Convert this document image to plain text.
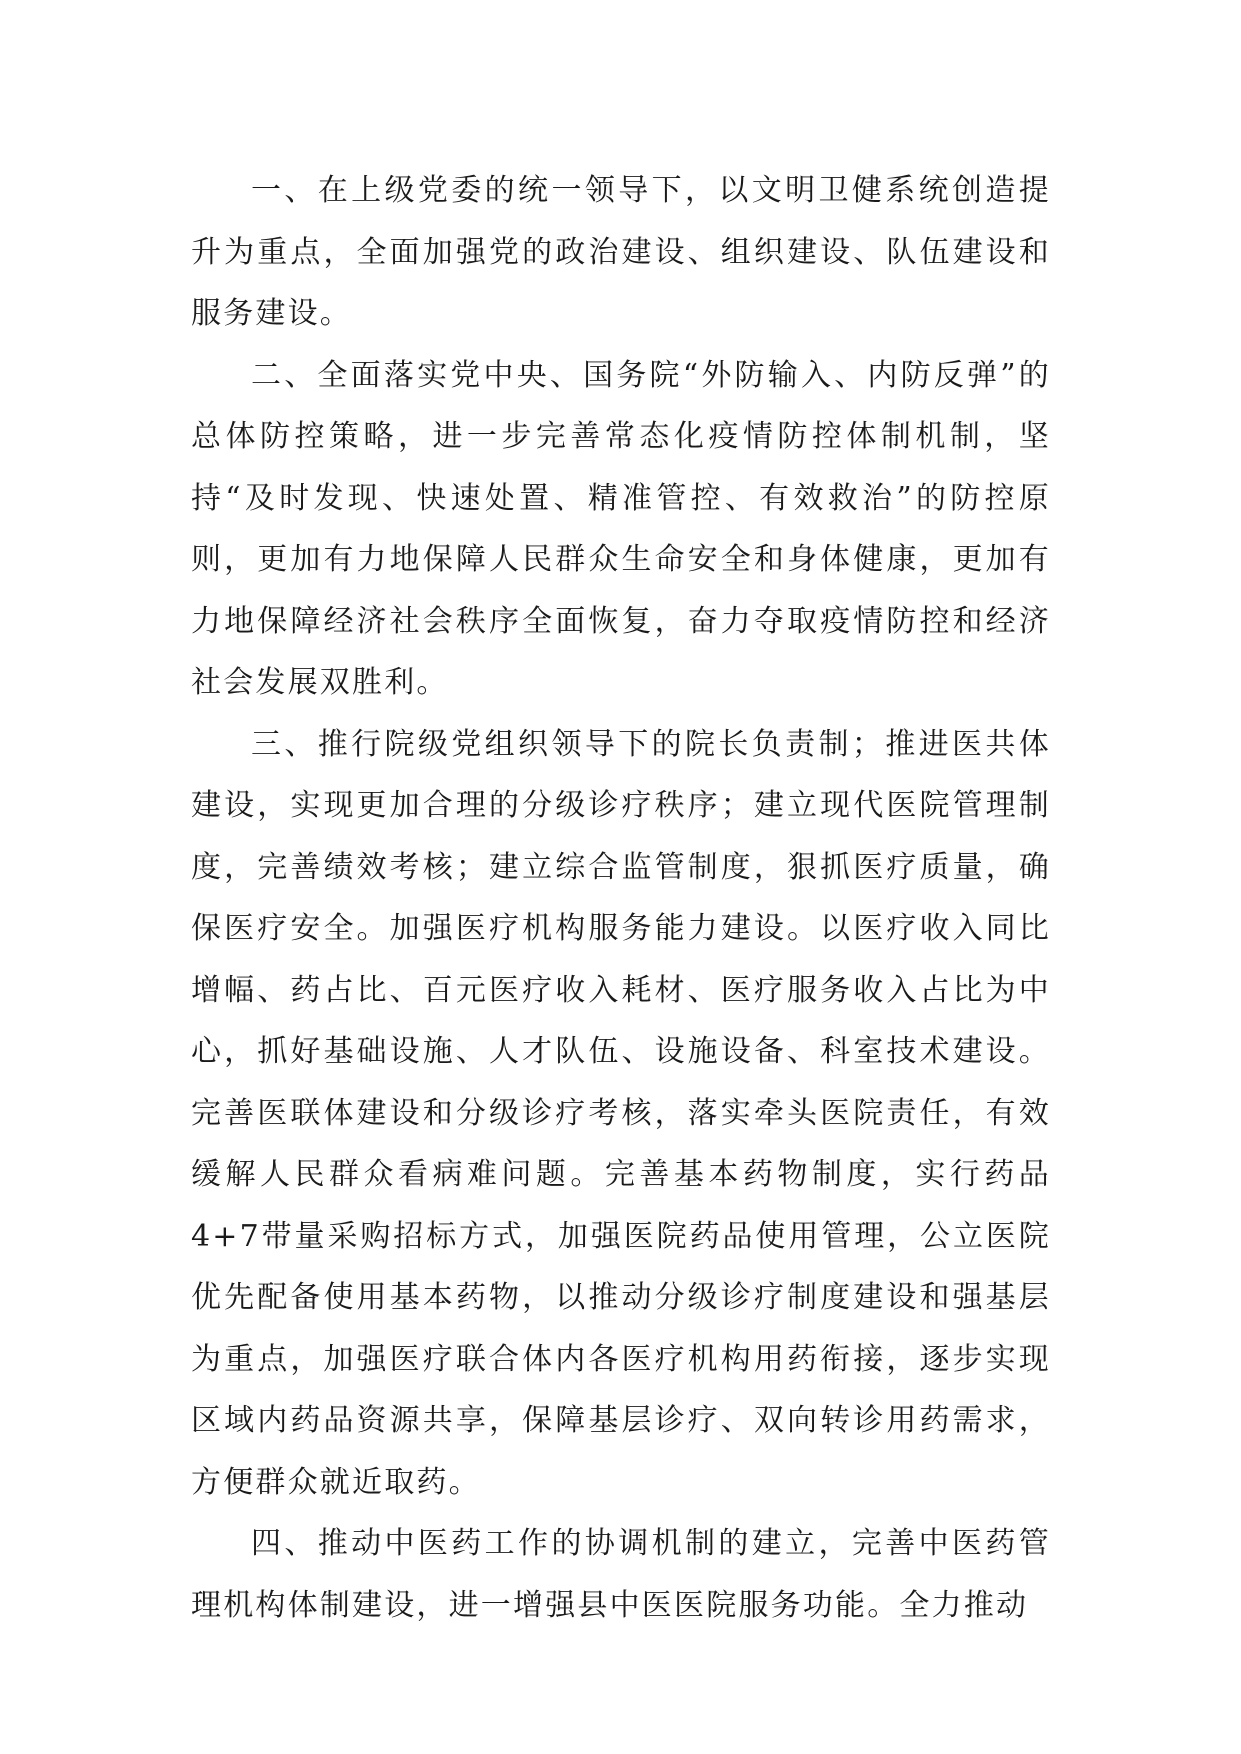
一、在上级党委的统一领导下，以文明卫健系统创造提升为重点，全面加强党的政治建设、组织建设、队伍建设和服务建设。

二、全面落实党中央、国务院“外防输入、内防反弹”的总体防控策略，进一步完善常态化疫情防控体制机制，坚持“及时发现、快速处置、精准管控、有效救治”的防控原则，更加有力地保障人民群众生命安全和身体健康，更加有力地保障经济社会秩序全面恢复，奋力夺取疫情防控和经济社会发展双胜利。

三、推行院级党组织领导下的院长负责制；推进医共体建设，实现更加合理的分级诊疗秩序；建立现代医院管理制度，完善绩效考核；建立综合监管制度，狠抓医疗质量，确保医疗安全。加强医疗机构服务能力建设。以医疗收入同比增幅、药占比、百元医疗收入耗材、医疗服务收入占比为中心，抓好基础设施、人才队伍、设施设备、科室技术建设。完善医联体建设和分级诊疗考核，落实牵头医院责任，有效缓解人民群众看病难问题。完善基本药物制度，实行药品4+7带量采购招标方式，加强医院药品使用管理，公立医院优先配备使用基本药物，以推动分级诊疗制度建设和强基层为重点，加强医疗联合体内各医疗机构用药衔接，逐步实现区域内药品资源共享，保障基层诊疗、双向转诊用药需求，方便群众就近取药。

四、推动中医药工作的协调机制的建立，完善中医药管理机构体制建设，进一增强县中医医院服务功能。全力推动
